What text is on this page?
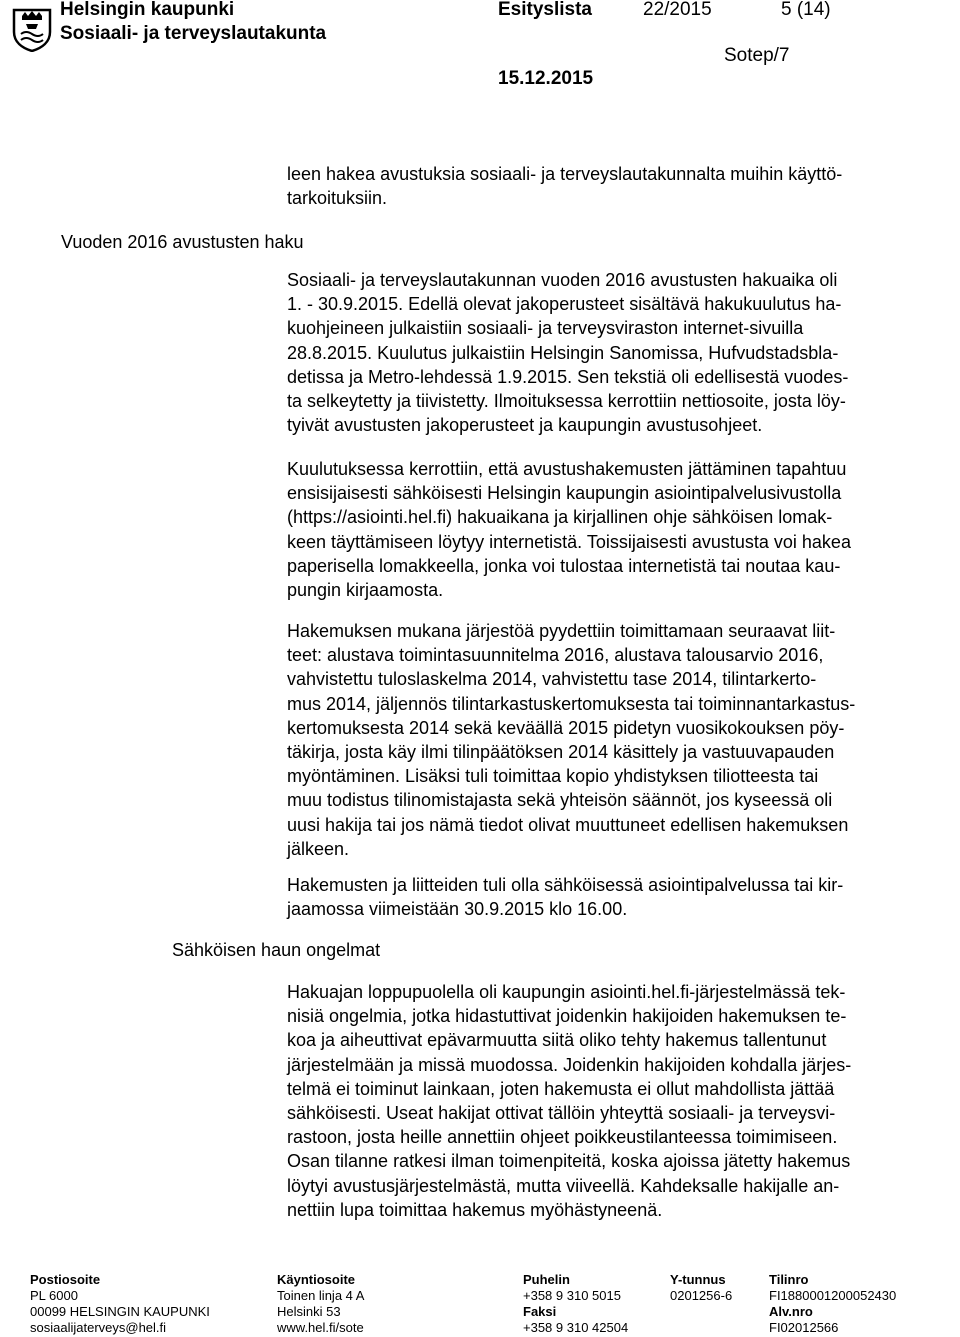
Helsingin kaupunki
Sosiaali- ja terveyslautakunta
Esityslista	22/2015	5 (14)
Sotep/7
15.12.2015
Vuoden 2016 avustusten haku
Sähköisen haun ongelmat
leen hakea avustuksia sosiaali- ja terveyslautakunnalta muihin käyttö-
tarkoituksiin.
Sosiaali- ja terveyslautakunnan vuoden 2016 avustusten hakuaika oli
1. - 30.9.2015. Edellä olevat jakoperusteet sisältävä hakukuulutus ha-
kuohjeineen julkaistiin sosiaali- ja terveysviraston internet-sivuilla
28.8.2015. Kuulutus julkaistiin Helsingin Sanomissa, Hufvudstadsbla-
detissa ja Metro-lehdessä 1.9.2015. Sen tekstiä oli edellisestä vuodes-
ta selkeytetty ja tiivistetty. Ilmoituksessa kerrottiin nettiosoite, josta löy-
tyivät avustusten jakoperusteet ja kaupungin avustusohjeet.
Kuulutuksessa kerrottiin, että avustushakemusten jättäminen tapahtuu
ensisijaisesti sähköisesti Helsingin kaupungin asiointipalvelusivustolla
(https://asiointi.hel.fi) hakuaikana ja kirjallinen ohje sähköisen lomak-
keen täyttämiseen löytyy internetistä. Toissijaisesti avustusta voi hakea
paperisella lomakkeella, jonka voi tulostaa internetistä tai noutaa kau-
pungin kirjaamosta.
Hakemuksen mukana järjestöä pyydettiin toimittamaan seuraavat liit-
teet: alustava toimintasuunnitelma 2016, alustava talousarvio 2016,
vahvistettu tuloslaskelma 2014, vahvistettu tase 2014, tilintarkerto-
mus 2014, jäljennös tilintarkastuskertomuksesta tai toiminnantarkastus-
kertomuksesta 2014 sekä keväällä 2015 pidetyn vuosikokouksen pöy-
täkirja, josta käy ilmi tilinpäätöksen 2014 käsittely ja vastuuvapauden
myöntäminen. Lisäksi tuli toimittaa kopio yhdistyksen tiliotteesta tai
muu todistus tilinomistajasta sekä yhteisön säännöt, jos kyseessä oli
uusi hakija tai jos nämä tiedot olivat muuttuneet edellisen hakemuksen
jälkeen.
Hakemusten ja liitteiden tuli olla sähköisessä asiointipalvelussa tai kir-
jaamossa viimeistään 30.9.2015 klo 16.00.
Hakuajan loppupuolella oli kaupungin asiointi.hel.fi-järjestelmässä tek-
nisiä ongelmia, jotka hidastuttivat joidenkin hakijoiden hakemuksen te-
koa ja aiheuttivat epävarmuutta siitä oliko tehty hakemus tallentunut
järjestelmään ja missä muodossa. Joidenkin hakijoiden kohdalla järjes-
telmä ei toiminut lainkaan, joten hakemusta ei ollut mahdollista jättää
sähköisesti. Useat hakijat ottivat tällöin yhteyttä sosiaali- ja terveysvi-
rastoon, josta heille annettiin ohjeet poikkeustilanteessa toimimiseen.
Osan tilanne ratkesi ilman toimenpiteitä, koska ajoissa jätetty hakemus
löytyi avustusjärjestelmästä, mutta viiveellä. Kahdeksalle hakijalle an-
nettiin lupa toimittaa hakemus myöhästyneenä.
Postiosoite
PL 6000
00099 HELSINGIN KAUPUNKI
sosiaalijaterveys@hel.fi
Käyntiosoite
Toinen linja 4 A
Helsinki 53
www.hel.fi/sote
Puhelin
+358 9 310 5015
Faksi
+358 9 310 42504
Y-tunnus
0201256-6
Tilinro
FI1880001200052430
Alv.nro
FI02012566
